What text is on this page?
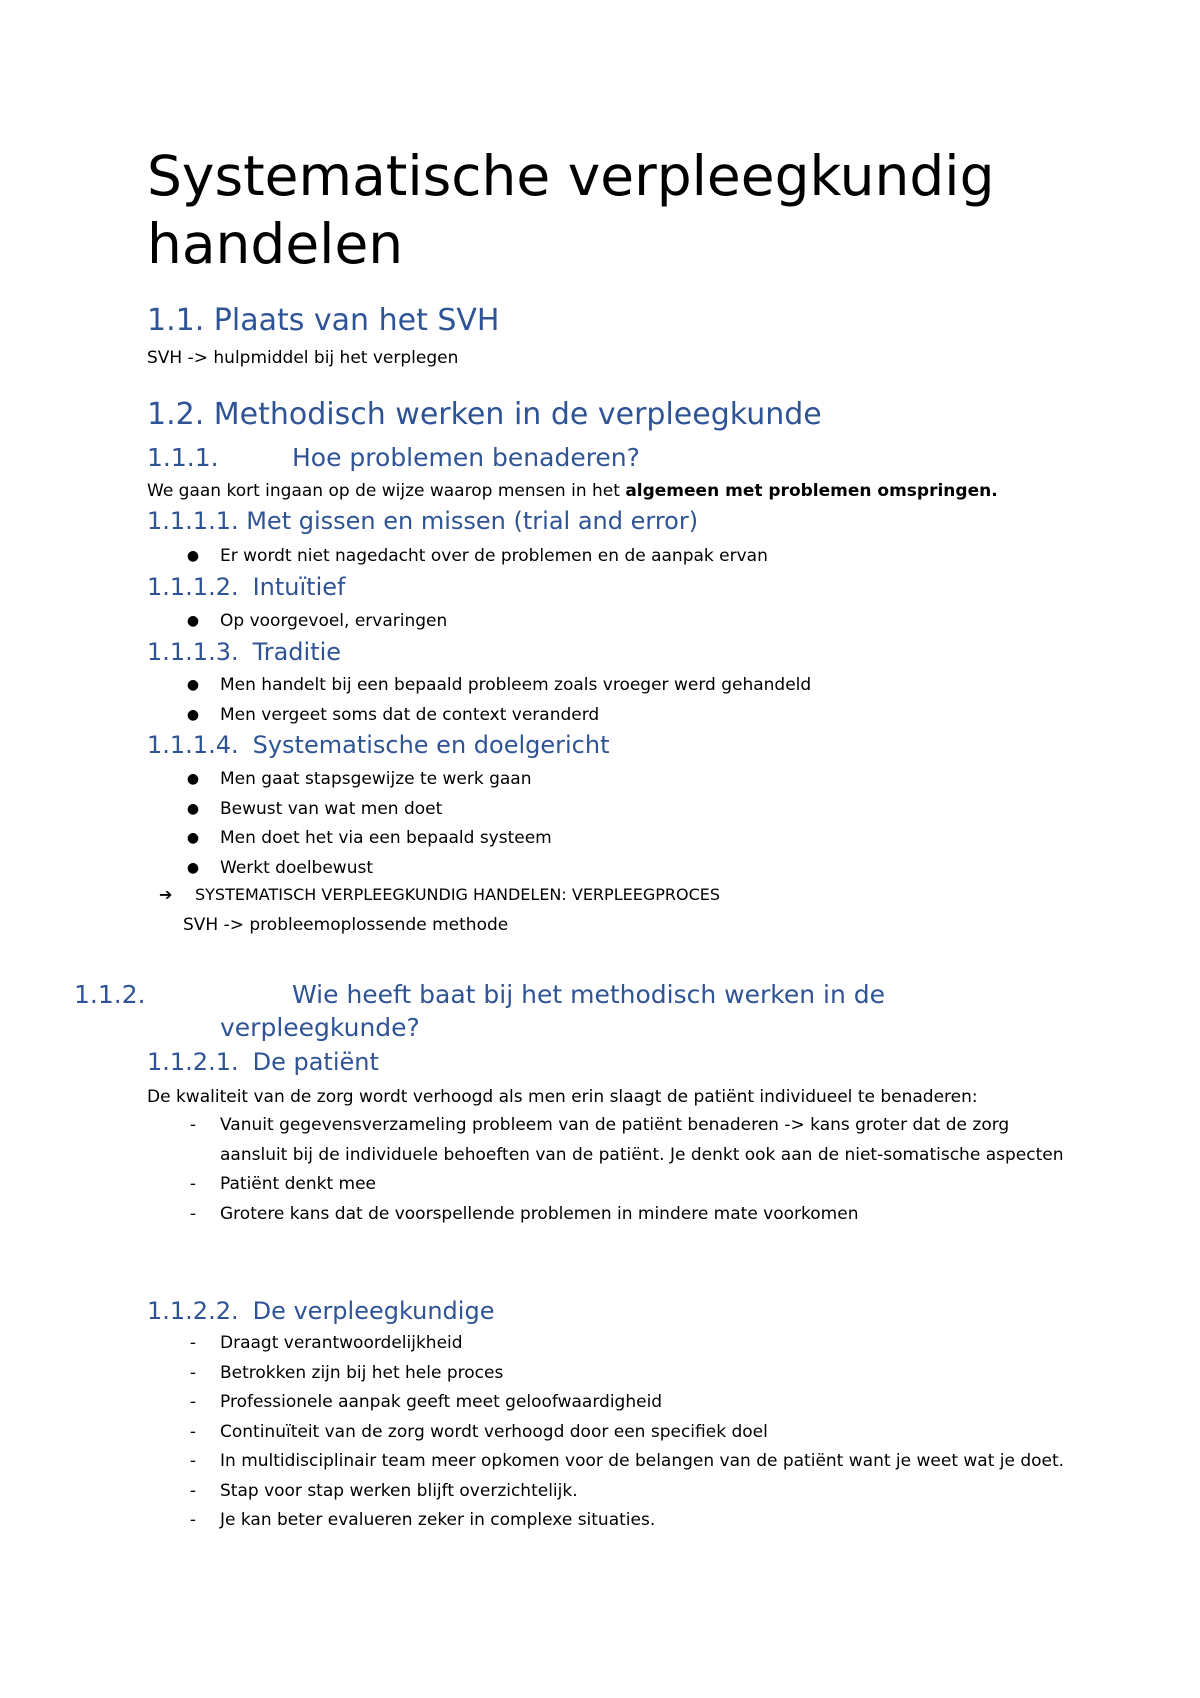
Systematische verpleegkundig handelen
1.1. Plaats van het SVH

SVH -> hulpmiddel bij het verplegen

1.2. Methodisch werken in de verpleegkunde
1.1.1.	Hoe problemen benaderen?

We gaan kort ingaan op de wijze waarop mensen in het algemeen met problemen omspringen.

1.1.1.1. Met gissen en missen (trial and error)
● Er wordt niet nagedacht over de problemen en de aanpak ervan
1.1.1.2. Intuïtief
● Op voorgevoel, ervaringen
1.1.1.3. Traditie
● Men handelt bij een bepaald probleem zoals vroeger werd gehandeld
● Men vergeet soms dat de context veranderd
1.1.1.4. Systematische en doelgericht
● Men gaat stapsgewijze te werk gaan
● Bewust van wat men doet
● Men doet het via een bepaald systeem
● Werkt doelbewust

➔ SYSTEMATISCH VERPLEEGKUNDIG HANDELEN: VERPLEEGPROCES

SVH -> probleemoplossende methode

1.1.2.	Wie heeft baat bij het methodisch werken in de verpleegkunde?
1.1.2.1. De patiënt

De kwaliteit van de zorg wordt verhoogd als men erin slaagt de patiënt individueel te benaderen:

-	Vanuit gegevensverzameling probleem van de patiënt benaderen -> kans groter dat de zorg aansluit bij de individuele behoeften van de patiënt. Je denkt ook aan de niet-somatische aspecten
-	Patiënt denkt mee
-	Grotere kans dat de voorspellende problemen in mindere mate voorkomen
1.1.2.2. De verpleegkundige
-	Draagt verantwoordelijkheid
-	Betrokken zijn bij het hele proces
-	Professionele aanpak geeft meet geloofwaardigheid
-	Continuïteit van de zorg wordt verhoogd door een specifiek doel
-	In multidisciplinair team meer opkomen voor de belangen van de patiënt want je weet wat je doet.
-	Stap voor stap werken blijft overzichtelijk.
-	Je kan beter evalueren zeker in complexe situaties.
